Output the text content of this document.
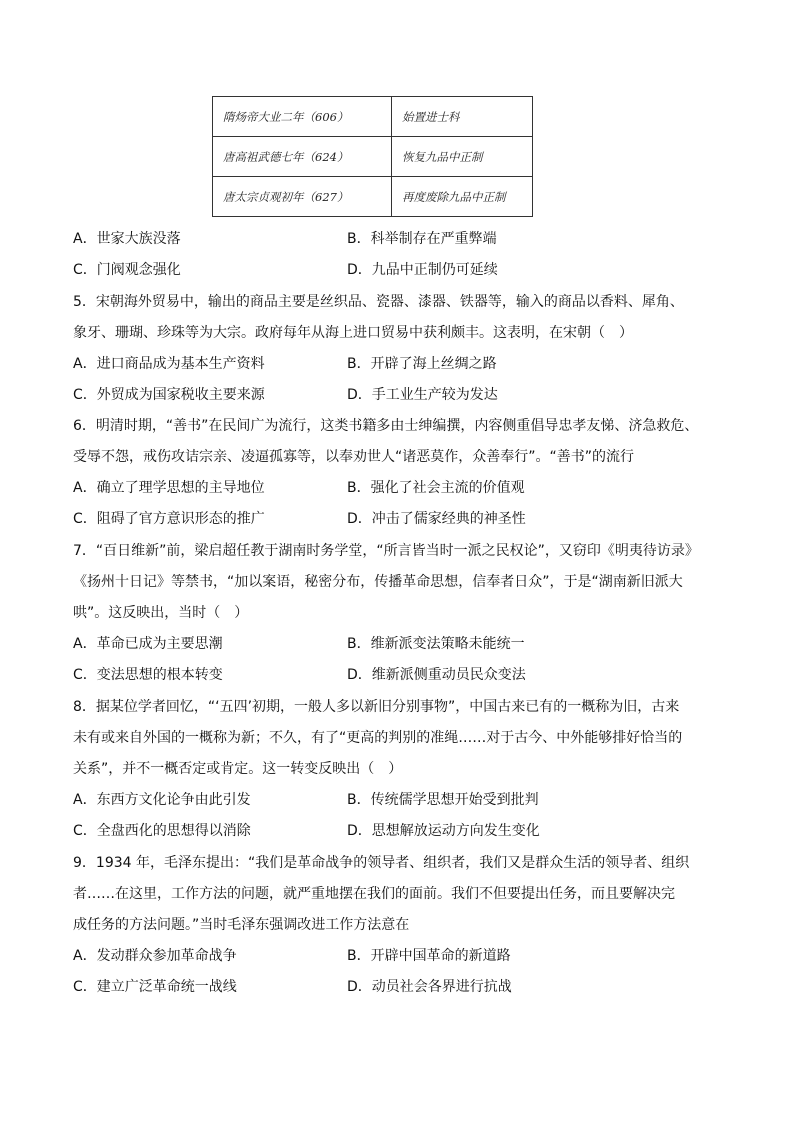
隋炀帝大业二年（606）	始置进士科
唐高祖武德七年（624）	恢复九品中正制
唐太宗贞观初年（627）	再度废除九品中正制
A．世家大族没落	B．科举制存在严重弊端
C．门阀观念强化	D．九品中正制仍可延续
5．宋朝海外贸易中，输出的商品主要是丝织品、瓷器、漆器、铁器等，输入的商品以香料、犀角、
象牙、珊瑚、珍珠等为大宗。政府每年从海上进口贸易中获利颇丰。这表明，在宋朝（　）
A．进口商品成为基本生产资料	B．开辟了海上丝绸之路
C．外贸成为国家税收主要来源	D．手工业生产较为发达
6．明清时期，“善书”在民间广为流行，这类书籍多由士绅编撰，内容侧重倡导忠孝友悌、济急救危、
受辱不怨，戒伤攻诘宗亲、凌逼孤寡等，以奉劝世人“诸恶莫作，众善奉行”。“善书”的流行
A．确立了理学思想的主导地位	B．强化了社会主流的价值观
C．阻碍了官方意识形态的推广	D．冲击了儒家经典的神圣性
7．“百日维新”前，梁启超任教于湖南时务学堂，“所言皆当时一派之民权论”，又窃印《明夷待访录》
《扬州十日记》等禁书，“加以案语，秘密分布，传播革命思想，信奉者日众”，于是“湖南新旧派大
哄”。这反映出，当时（　）
A．革命已成为主要思潮	B．维新派变法策略未能统一
C．变法思想的根本转变	D．维新派侧重动员民众变法
8．据某位学者回忆，“‘五四’初期，一般人多以新旧分别事物”，中国古来已有的一概称为旧，古来
未有或来自外国的一概称为新；不久，有了“更高的判别的准绳……对于古今、中外能够排好恰当的
关系”，并不一概否定或肯定。这一转变反映出（　）
A．东西方文化论争由此引发	B．传统儒学思想开始受到批判
C．全盘西化的思想得以消除	D．思想解放运动方向发生变化
9．1934 年，毛泽东提出：“我们是革命战争的领导者、组织者，我们又是群众生活的领导者、组织
者……在这里，工作方法的问题，就严重地摆在我们的面前。我们不但要提出任务，而且要解决完
成任务的方法问题。”当时毛泽东强调改进工作方法意在
A．发动群众参加革命战争	B．开辟中国革命的新道路
C．建立广泛革命统一战线	D．动员社会各界进行抗战
